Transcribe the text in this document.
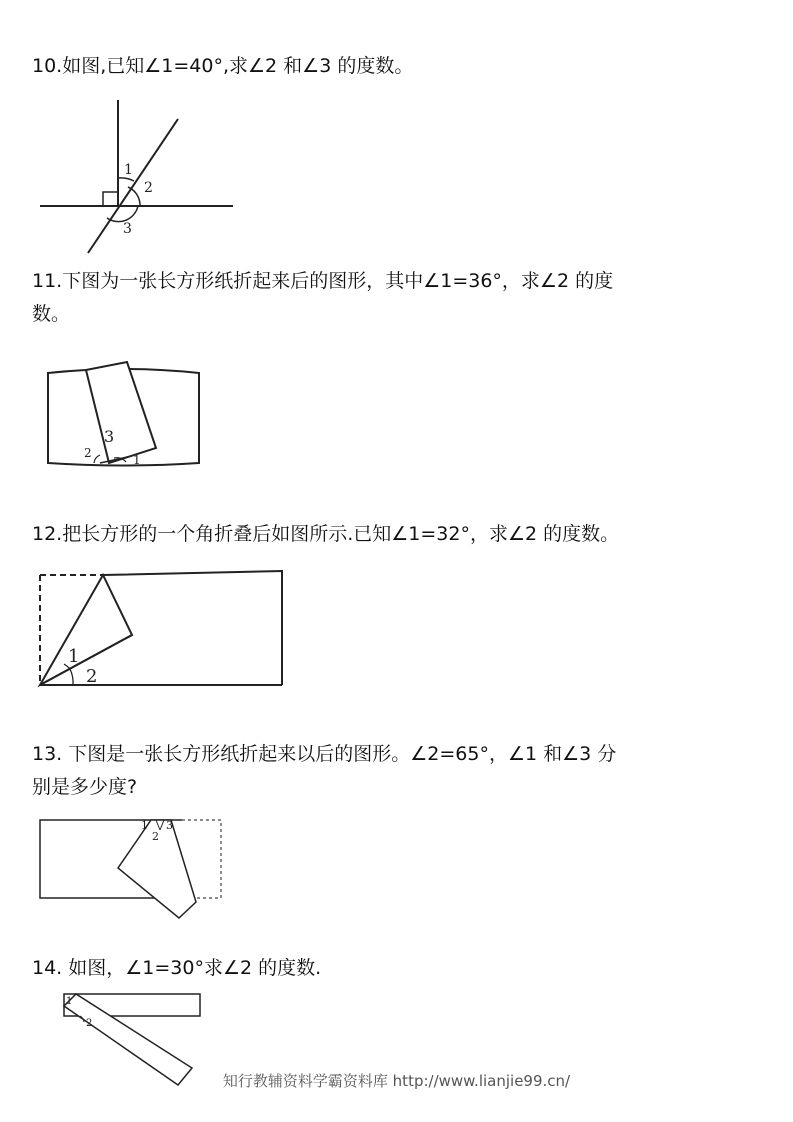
10.如图,已知∠1=40°,求∠2 和∠3 的度数。
1
2
3
11.下图为一张长方形纸折起来后的图形，其中∠1=36°，求∠2 的度
数。
2
3
1
12.把长方形的一个角折叠后如图所示.已知∠1=32°，求∠2 的度数。
1
2
13. 下图是一张长方形纸折起来以后的图形。∠2=65°，∠1 和∠3 分
别是多少度?
1 3
2
14. 如图，∠1=30°求∠2 的度数.
1
2
知行教辅资料学霸资料库 http://www.lianjie99.cn/
